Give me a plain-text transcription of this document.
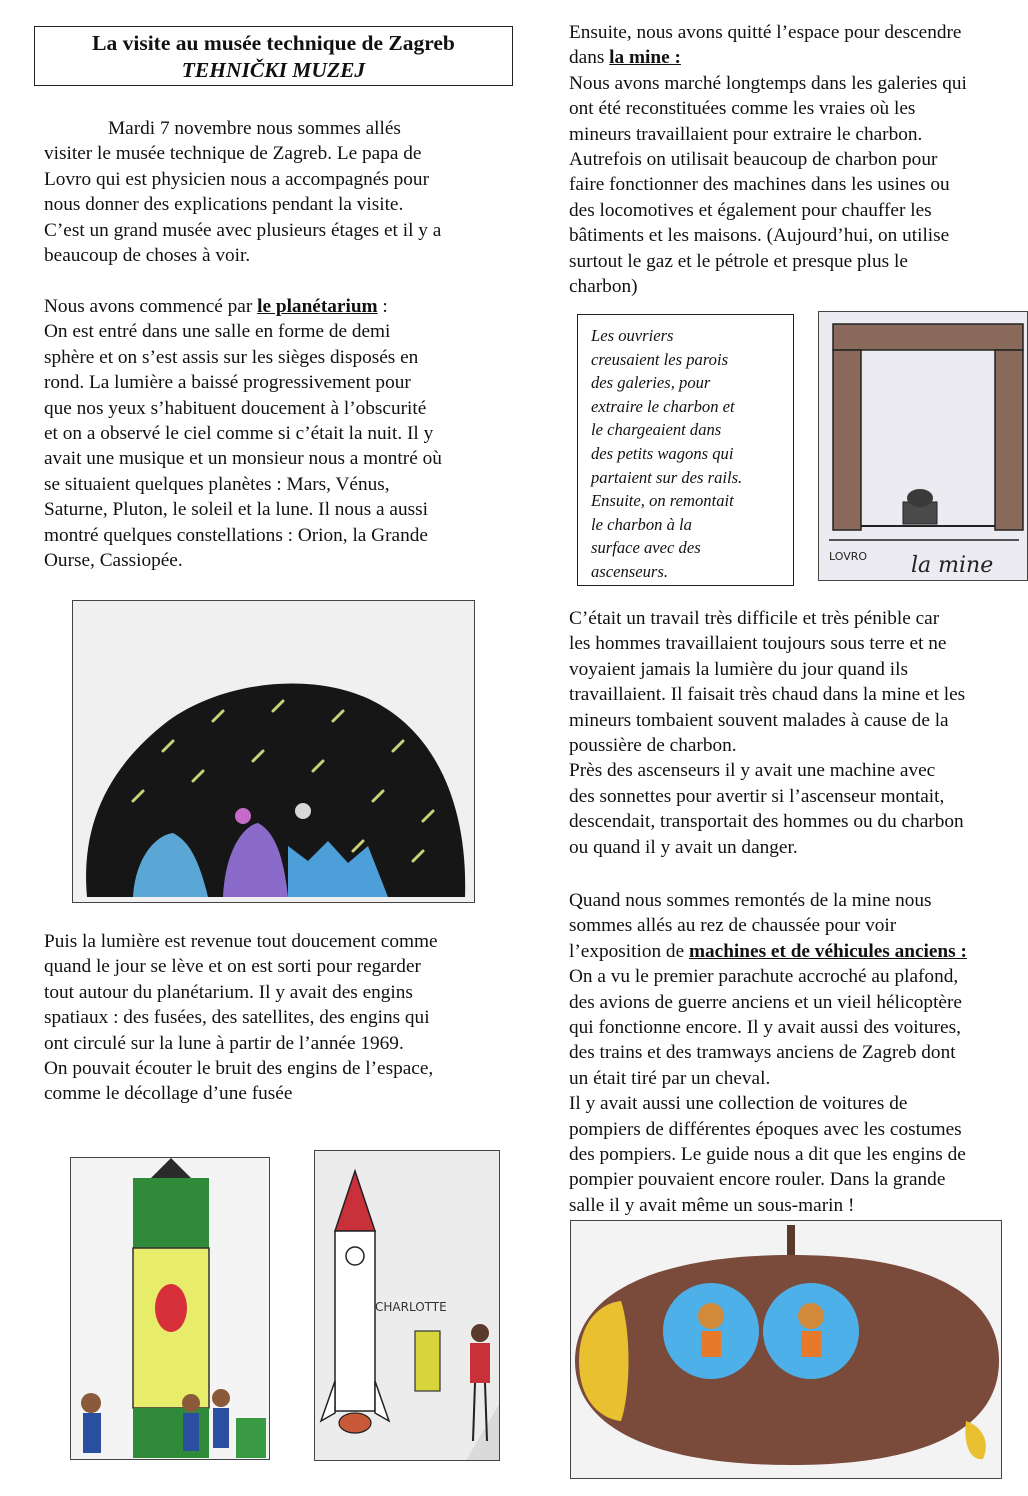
La visite au musée technique de Zagreb
TEHNIČKI MUZEJ
Mardi 7 novembre nous sommes allés
visiter le musée technique de Zagreb. Le papa de
Lovro qui est physicien nous a accompagnés pour
nous donner des explications pendant la visite.
C’est un grand musée avec plusieurs étages et il y a
beaucoup de choses à voir.
Nous avons commencé par le planétarium :
On est entré dans une salle en forme de demi
sphère et on s’est assis sur les sièges disposés en
rond. La lumière a baissé progressivement pour
que nos yeux s’habituent doucement à l’obscurité
et on a observé le ciel comme si c’était la nuit. Il y
avait une musique et un monsieur nous a montré où
se situaient quelques planètes : Mars, Vénus,
Saturne, Pluton, le soleil et la lune. Il nous a aussi
montré quelques constellations : Orion, la Grande
Ourse, Cassiopée.
Puis la lumière est revenue tout doucement comme
quand le jour se lève et on est sorti pour regarder
tout autour du planétarium. Il y avait des engins
spatiaux : des fusées, des satellites, des engins qui
ont circulé sur la lune à partir de l’année 1969.
On pouvait écouter le bruit des engins de l’espace,
comme le décollage d’une fusée
CHARLOTTE
Ensuite, nous avons quitté l’espace pour descendre
dans la mine :
Nous avons marché longtemps dans les galeries qui
ont été reconstituées comme les vraies où les
mineurs travaillaient pour extraire le charbon.
Autrefois on utilisait beaucoup de charbon pour
faire fonctionner des machines dans les usines ou
des locomotives et également pour chauffer les
bâtiments et les maisons. (Aujourd’hui, on utilise
surtout le gaz et le pétrole et presque plus le
charbon)
Les ouvriers
creusaient les parois
des galeries, pour
extraire le charbon et
le chargeaient dans
des petits wagons qui
partaient sur des rails.
Ensuite, on remontait
le charbon à la
surface avec des
ascenseurs.
LOVRO la mine
C’était un travail très difficile et très pénible car
les hommes travaillaient toujours sous terre et ne
voyaient jamais la lumière du jour quand ils
travaillaient. Il faisait très chaud dans la mine et les
mineurs tombaient souvent malades à cause de la
poussière de charbon.
Près des ascenseurs il y avait une machine avec
des sonnettes pour avertir si l’ascenseur montait,
descendait, transportait des hommes ou du charbon
ou quand il y avait un danger.
Quand nous sommes remontés de la mine nous
sommes allés au rez de chaussée pour voir
l’exposition de machines et de véhicules anciens :
On a vu le premier parachute accroché au plafond,
des avions de guerre anciens et un vieil hélicoptère
qui fonctionne encore. Il y avait aussi des voitures,
des trains et des tramways anciens de Zagreb dont
un était tiré par un cheval.
Il y avait aussi une collection de voitures de
pompiers de différentes époques avec les costumes
des pompiers. Le guide nous a dit que les engins de
pompier pouvaient encore rouler. Dans la grande
salle il y avait même un sous-marin !
